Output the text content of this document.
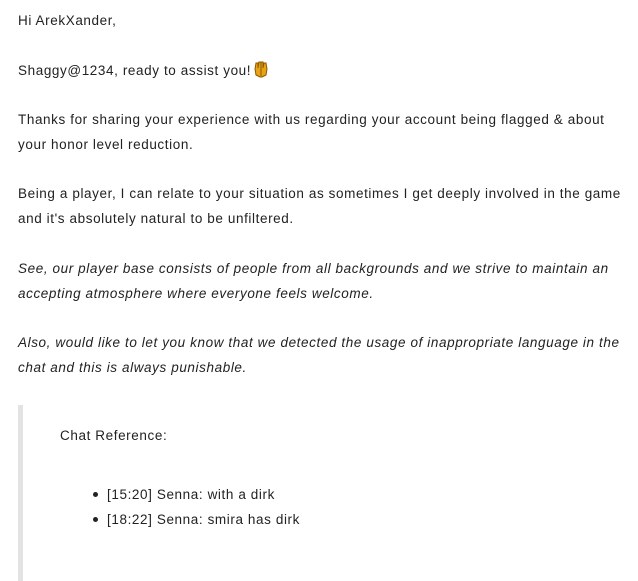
Hi ArekXander,

Shaggy@1234, ready to assist you!

Thanks for sharing your experience with us regarding your account being flagged & about your honor level reduction.

Being a player, I can relate to your situation as sometimes I get deeply involved in the game and it's absolutely natural to be unfiltered.

See, our player base consists of people from all backgrounds and we strive to maintain an accepting atmosphere where everyone feels welcome.

Also, would like to let you know that we detected the usage of inappropriate language in the chat and this is always punishable.

Chat Reference:

[15:20] Senna: with a dirk
[18:22] Senna: smira has dirk
